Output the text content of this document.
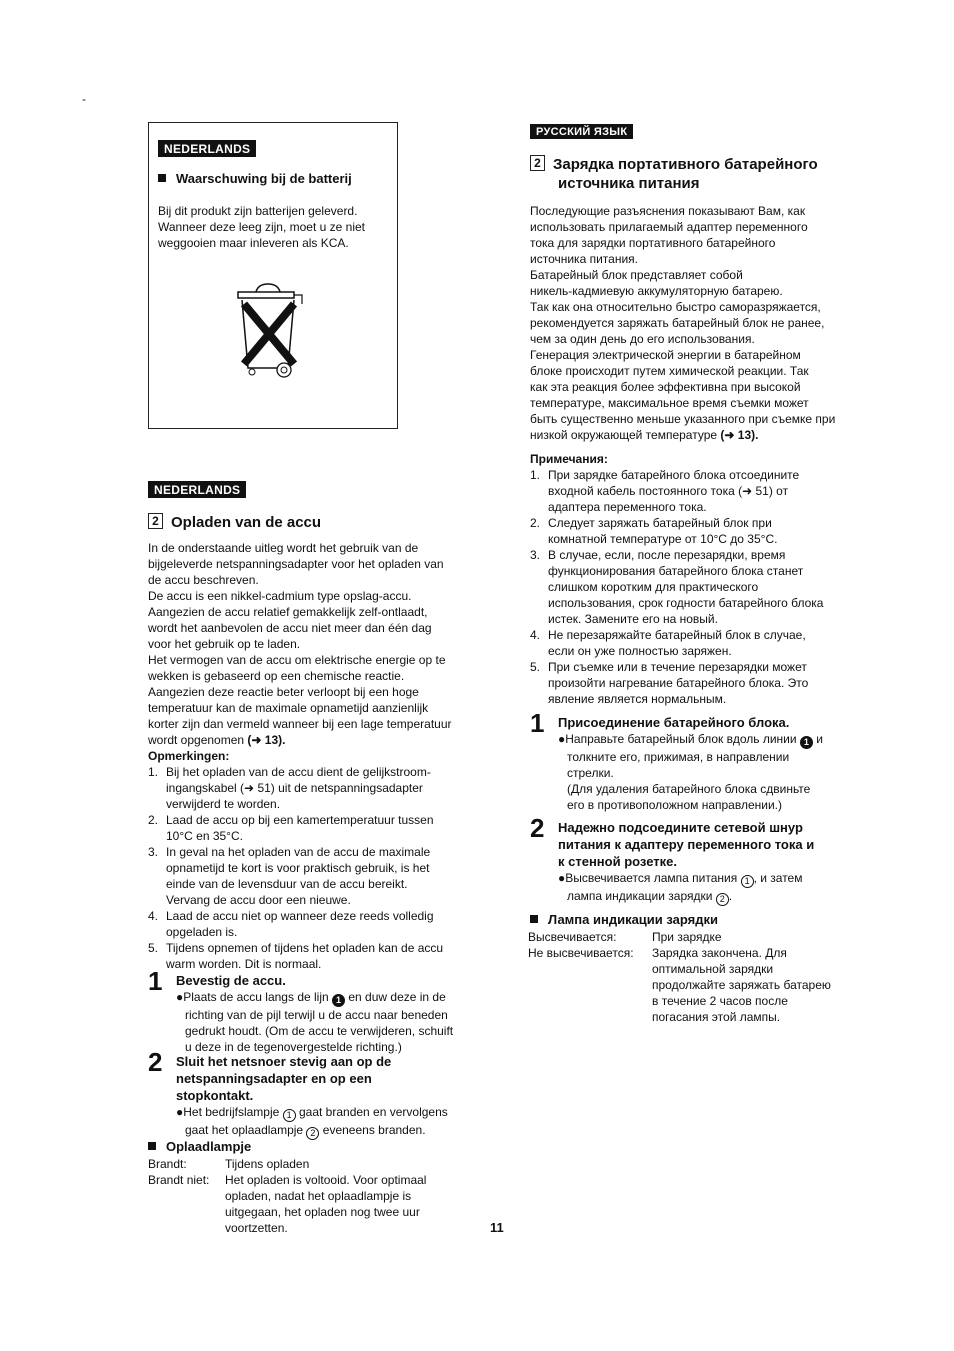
-
NEDERLANDS
Waarschuwing bij de batterij
Bij dit produkt zijn batterijen geleverd.
Wanneer deze leeg zijn, moet u ze niet
weggooien maar inleveren als KCA.
NEDERLANDS
2 Opladen van de accu
In de onderstaande uitleg wordt het gebruik van de
bijgeleverde netspanningsadapter voor het opladen van
de accu beschreven.
De accu is een nikkel-cadmium type opslag-accu.
Aangezien de accu relatief gemakkelijk zelf-ontlaadt,
wordt het aanbevolen de accu niet meer dan één dag
voor het gebruik op te laden.
Het vermogen van de accu om elektrische energie op te
wekken is gebaseerd op een chemische reactie.
Aangezien deze reactie beter verloopt bij een hoge
temperatuur kan de maximale opnametijd aanzienlijk
korter zijn dan vermeld wanneer bij een lage temperatuur
wordt opgenomen (➜ 13).
Opmerkingen:
1. Bij het opladen van de accu dient de gelijkstroom-
ingangskabel (➜ 51) uit de netspanningsadapter
verwijderd te worden.
2. Laad de accu op bij een kamertemperatuur tussen
10°C en 35°C.
3. In geval na het opladen van de accu de maximale
opnametijd te kort is voor praktisch gebruik, is het
einde van de levensduur van de accu bereikt.
Vervang de accu door een nieuwe.
4. Laad de accu niet op wanneer deze reeds volledig
opgeladen is.
5. Tijdens opnemen of tijdens het opladen kan de accu
warm worden. Dit is normaal.
1 Bevestig de accu.
●Plaats de accu langs de lijn 1 en duw deze in de
richting van de pijl terwijl u de accu naar beneden
gedrukt houdt. (Om de accu te verwijderen, schuift
u deze in de tegenovergestelde richting.)
2 Sluit het netsnoer stevig aan op de
netspanningsadapter en op een
stopkontakt.
●Het bedrijfslampje 1 gaat branden en vervolgens
gaat het oplaadlampje 2 eveneens branden.
Oplaadlampje
Brandt:	Tijdens opladen

Brandt niet:	Het opladen is voltooid. Voor optimaal
opladen, nadat het oplaadlampje is
uitgegaan, het opladen nog twee uur
voortzetten.	11
РУССКИЙ ЯЗЫК
2 Зарядка портативного батарейного
источника питания
Последующие разъяснения показывают Вам, как
использовать прилагаемый адаптер переменного
тока для зарядки портативного батарейного
источника питания.
Батарейный блок представляет собой
никель-кадмиевую аккумуляторную батарею.
Так как она относительно быстро саморазряжается,
рекомендуется заряжать батарейный блок не ранее,
чем за один день до его использования.
Генерация электрической энергии в батарейном
блоке происходит путем химической реакции. Так
как эта реакция более эффективна при высокой
температуре, максимальное время съемки может
быть существенно меньше указанного при съемке при
низкой окружающей температуре (➜ 13).
Примечания:
1. При зарядке батарейного блока отсоедините
входной кабель постоянного тока (➜ 51) от
адаптера переменного тока.
2. Следует заряжать батарейный блок при
комнатной температуре от 10°C до 35°C.
3. В случае, если, после перезарядки, время
функционирования батарейного блока станет
слишком коротким для практического
использования, срок годности батарейного блока
истек. Замените его на новый.
4. Не перезаряжайте батарейный блок в случае,
если он уже полностью заряжен.
5. При съемке или в течение перезарядки может
произойти нагревание батарейного блока. Это
явление является нормальным.
1 Присоединение батарейного блока.
●Направьте батарейный блок вдоль линии 1 и
толкните его, прижимая, в направлении
стрелки.
(Для удаления батарейного блока сдвиньте
его в противоположном направлении.)
2 Надежно подсоедините сетевой шнур
питания к адаптеру переменного тока и
к стенной розетке.
●Высвечивается лампа питания 1 , и затем
лампа индикации зарядки 2 .
Лампа индикации зарядки
Высвечивается:	При зарядке

Не высвечивается:	Зарядка закончена. Для
оптимальной зарядки
продолжайте заряжать батарею
в течение 2 часов после
погасания этой лампы.
